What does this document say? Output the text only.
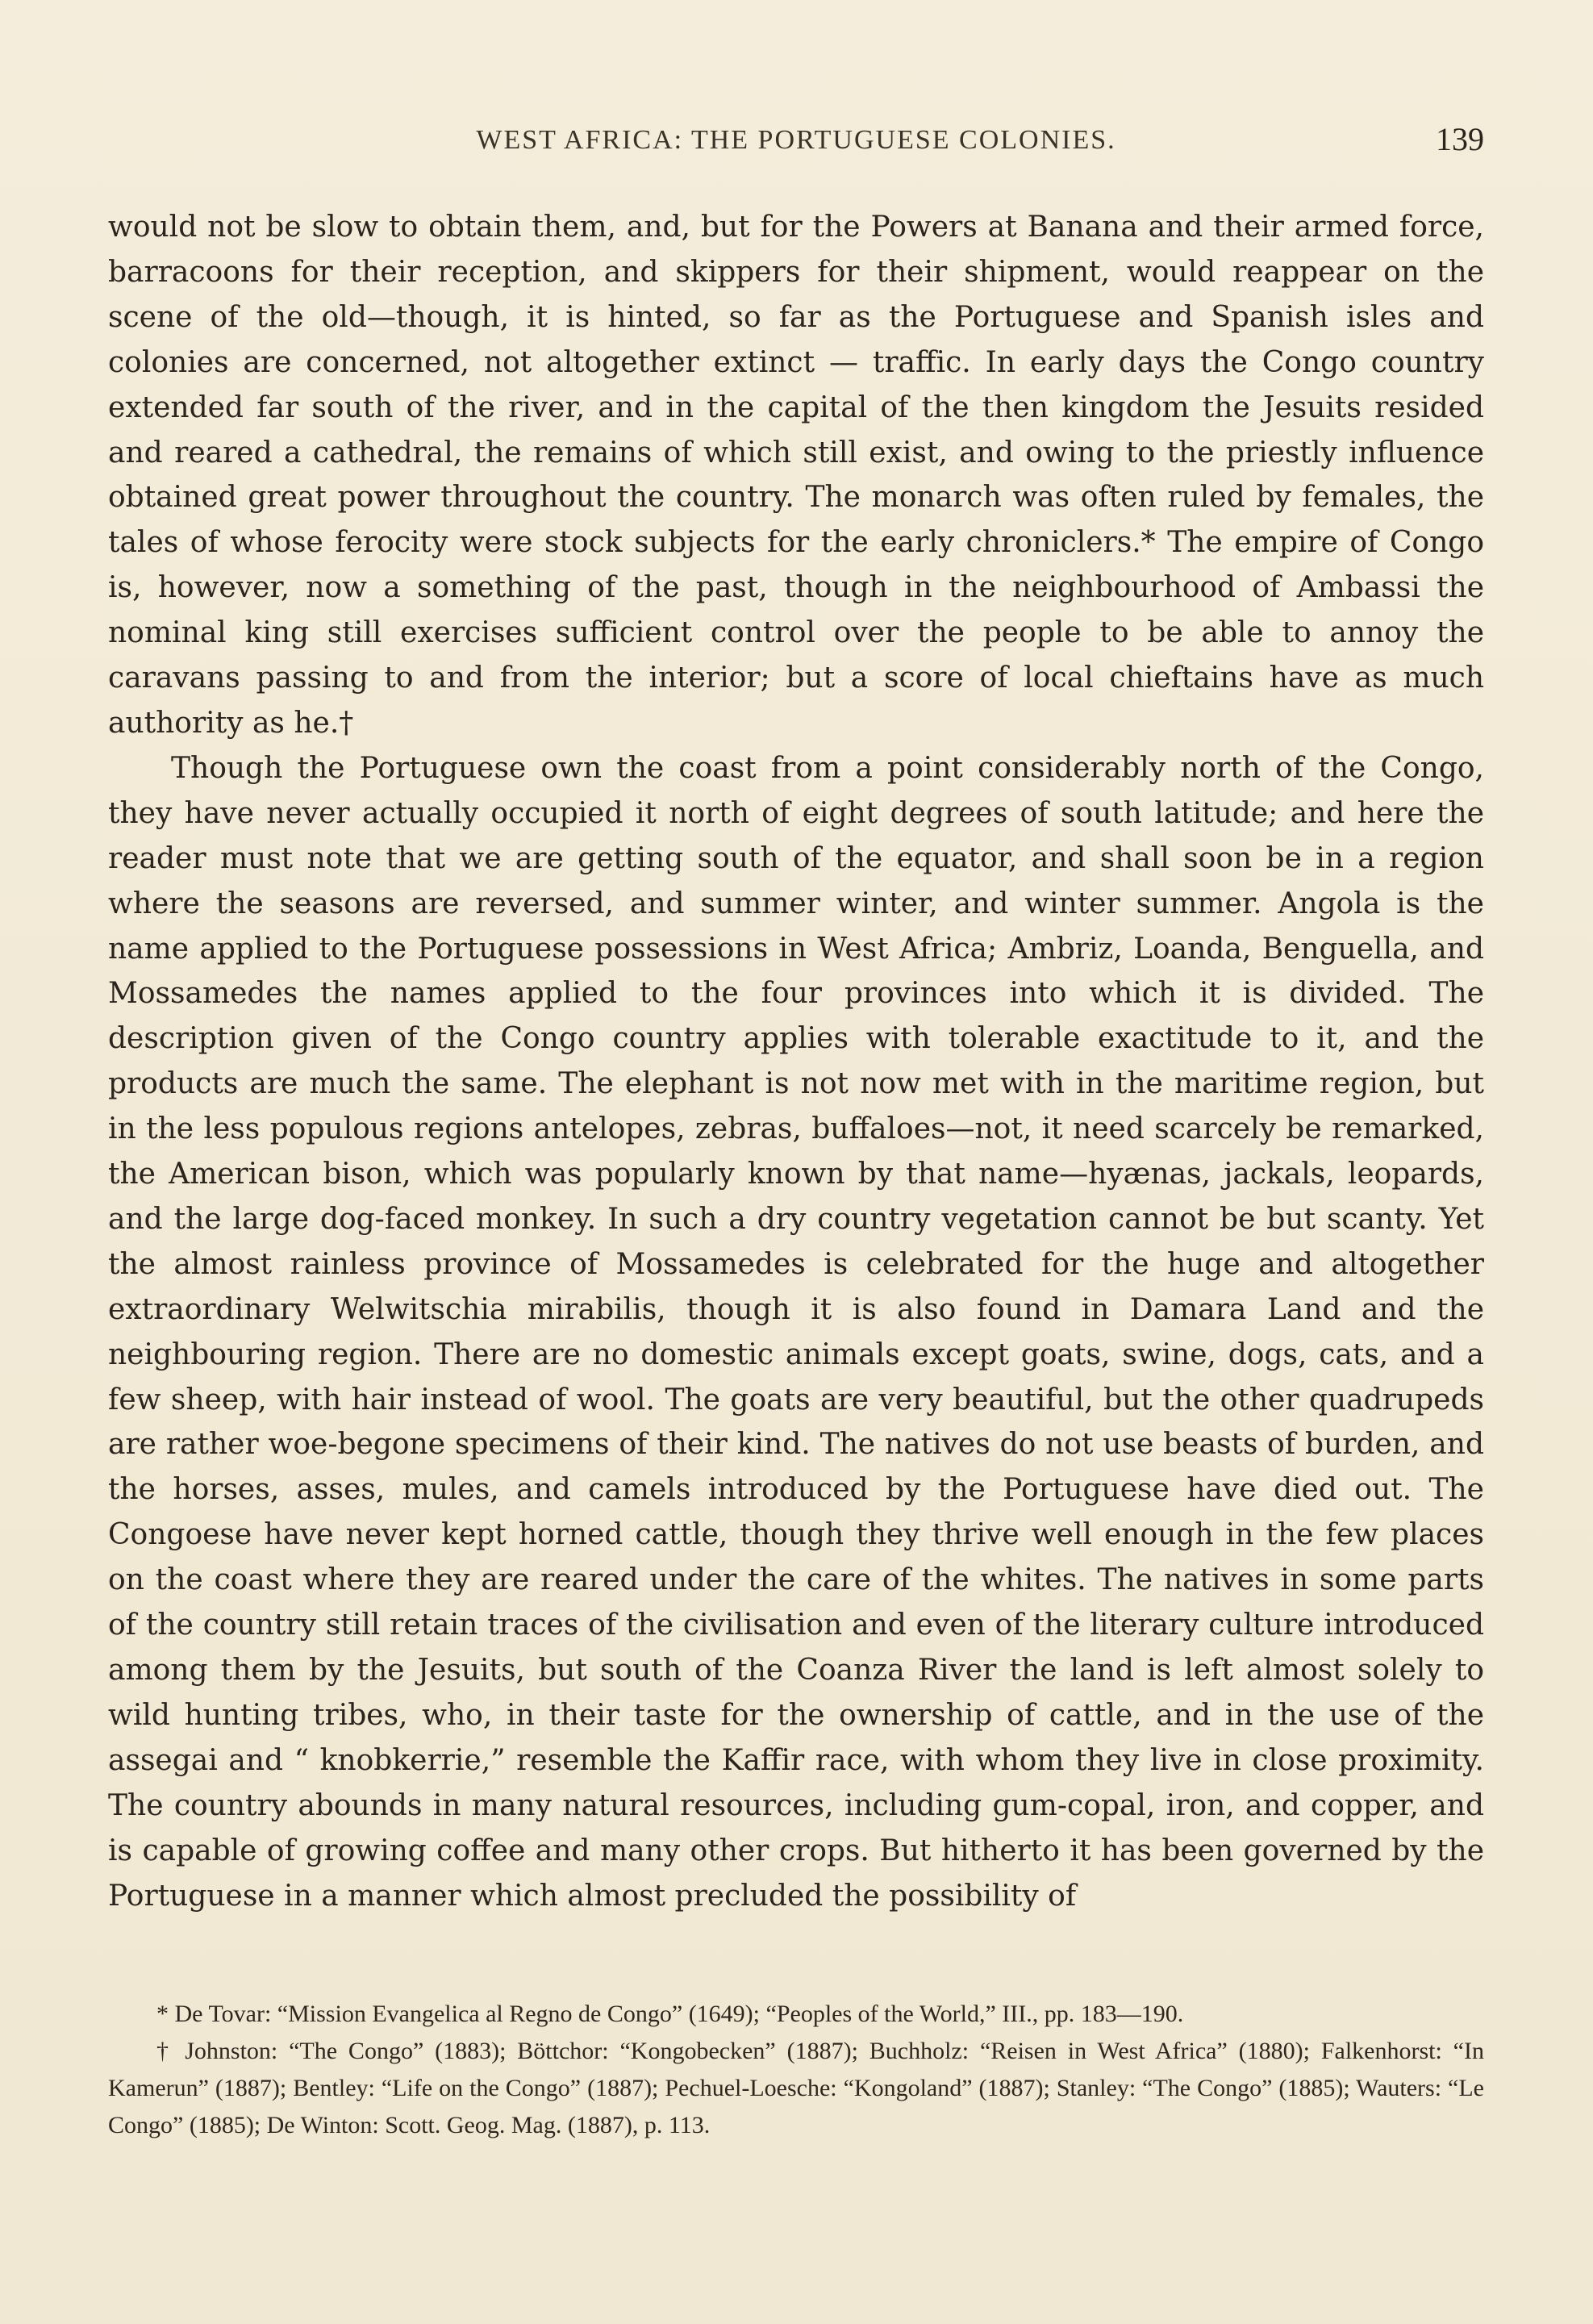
WEST AFRICA: THE PORTUGUESE COLONIES.	139

would not be slow to obtain them, and, but for the Powers at Banana and their armed force, barracoons for their reception, and skippers for their shipment, would reappear on the scene of the old—though, it is hinted, so far as the Portuguese and Spanish isles and colonies are concerned, not altogether extinct — traffic. In early days the Congo country extended far south of the river, and in the capital of the then kingdom the Jesuits resided and reared a cathedral, the remains of which still exist, and owing to the priestly influence obtained great power throughout the country. The monarch was often ruled by females, the tales of whose ferocity were stock subjects for the early chroniclers.* The empire of Congo is, however, now a something of the past, though in the neighbourhood of Ambassi the nominal king still exercises sufficient control over the people to be able to annoy the caravans passing to and from the interior; but a score of local chieftains have as much authority as he.†

Though the Portuguese own the coast from a point considerably north of the Congo, they have never actually occupied it north of eight degrees of south latitude; and here the reader must note that we are getting south of the equator, and shall soon be in a region where the seasons are reversed, and summer winter, and winter summer. Angola is the name applied to the Portuguese possessions in West Africa; Ambriz, Loanda, Benguella, and Mossamedes the names applied to the four provinces into which it is divided. The description given of the Congo country applies with tolerable exactitude to it, and the products are much the same. The elephant is not now met with in the maritime region, but in the less populous regions antelopes, zebras, buffaloes—not, it need scarcely be remarked, the American bison, which was popularly known by that name—hyænas, jackals, leopards, and the large dog-faced monkey. In such a dry country vegetation cannot be but scanty. Yet the almost rainless province of Mossamedes is celebrated for the huge and altogether extraordinary Welwitschia mirabilis, though it is also found in Damara Land and the neighbouring region. There are no domestic animals except goats, swine, dogs, cats, and a few sheep, with hair instead of wool. The goats are very beautiful, but the other quadrupeds are rather woe-begone specimens of their kind. The natives do not use beasts of burden, and the horses, asses, mules, and camels introduced by the Portuguese have died out. The Congoese have never kept horned cattle, though they thrive well enough in the few places on the coast where they are reared under the care of the whites. The natives in some parts of the country still retain traces of the civilisation and even of the literary culture introduced among them by the Jesuits, but south of the Coanza River the land is left almost solely to wild hunting tribes, who, in their taste for the ownership of cattle, and in the use of the assegai and “ knobkerrie,” resemble the Kaffir race, with whom they live in close proximity. The country abounds in many natural resources, including gum-copal, iron, and copper, and is capable of growing coffee and many other crops. But hitherto it has been governed by the Portuguese in a manner which almost precluded the possibility of

* De Tovar: “Mission Evangelica al Regno de Congo” (1649); “Peoples of the World,” III., pp. 183—190.

† Johnston: “The Congo” (1883); Böttchor: “Kongobecken” (1887); Buchholz: “Reisen in West Africa” (1880); Falkenhorst: “In Kamerun” (1887); Bentley: “Life on the Congo” (1887); Pechuel-Loesche: “Kongoland” (1887); Stanley: “The Congo” (1885); Wauters: “Le Congo” (1885); De Winton: Scott. Geog. Mag. (1887), p. 113.
